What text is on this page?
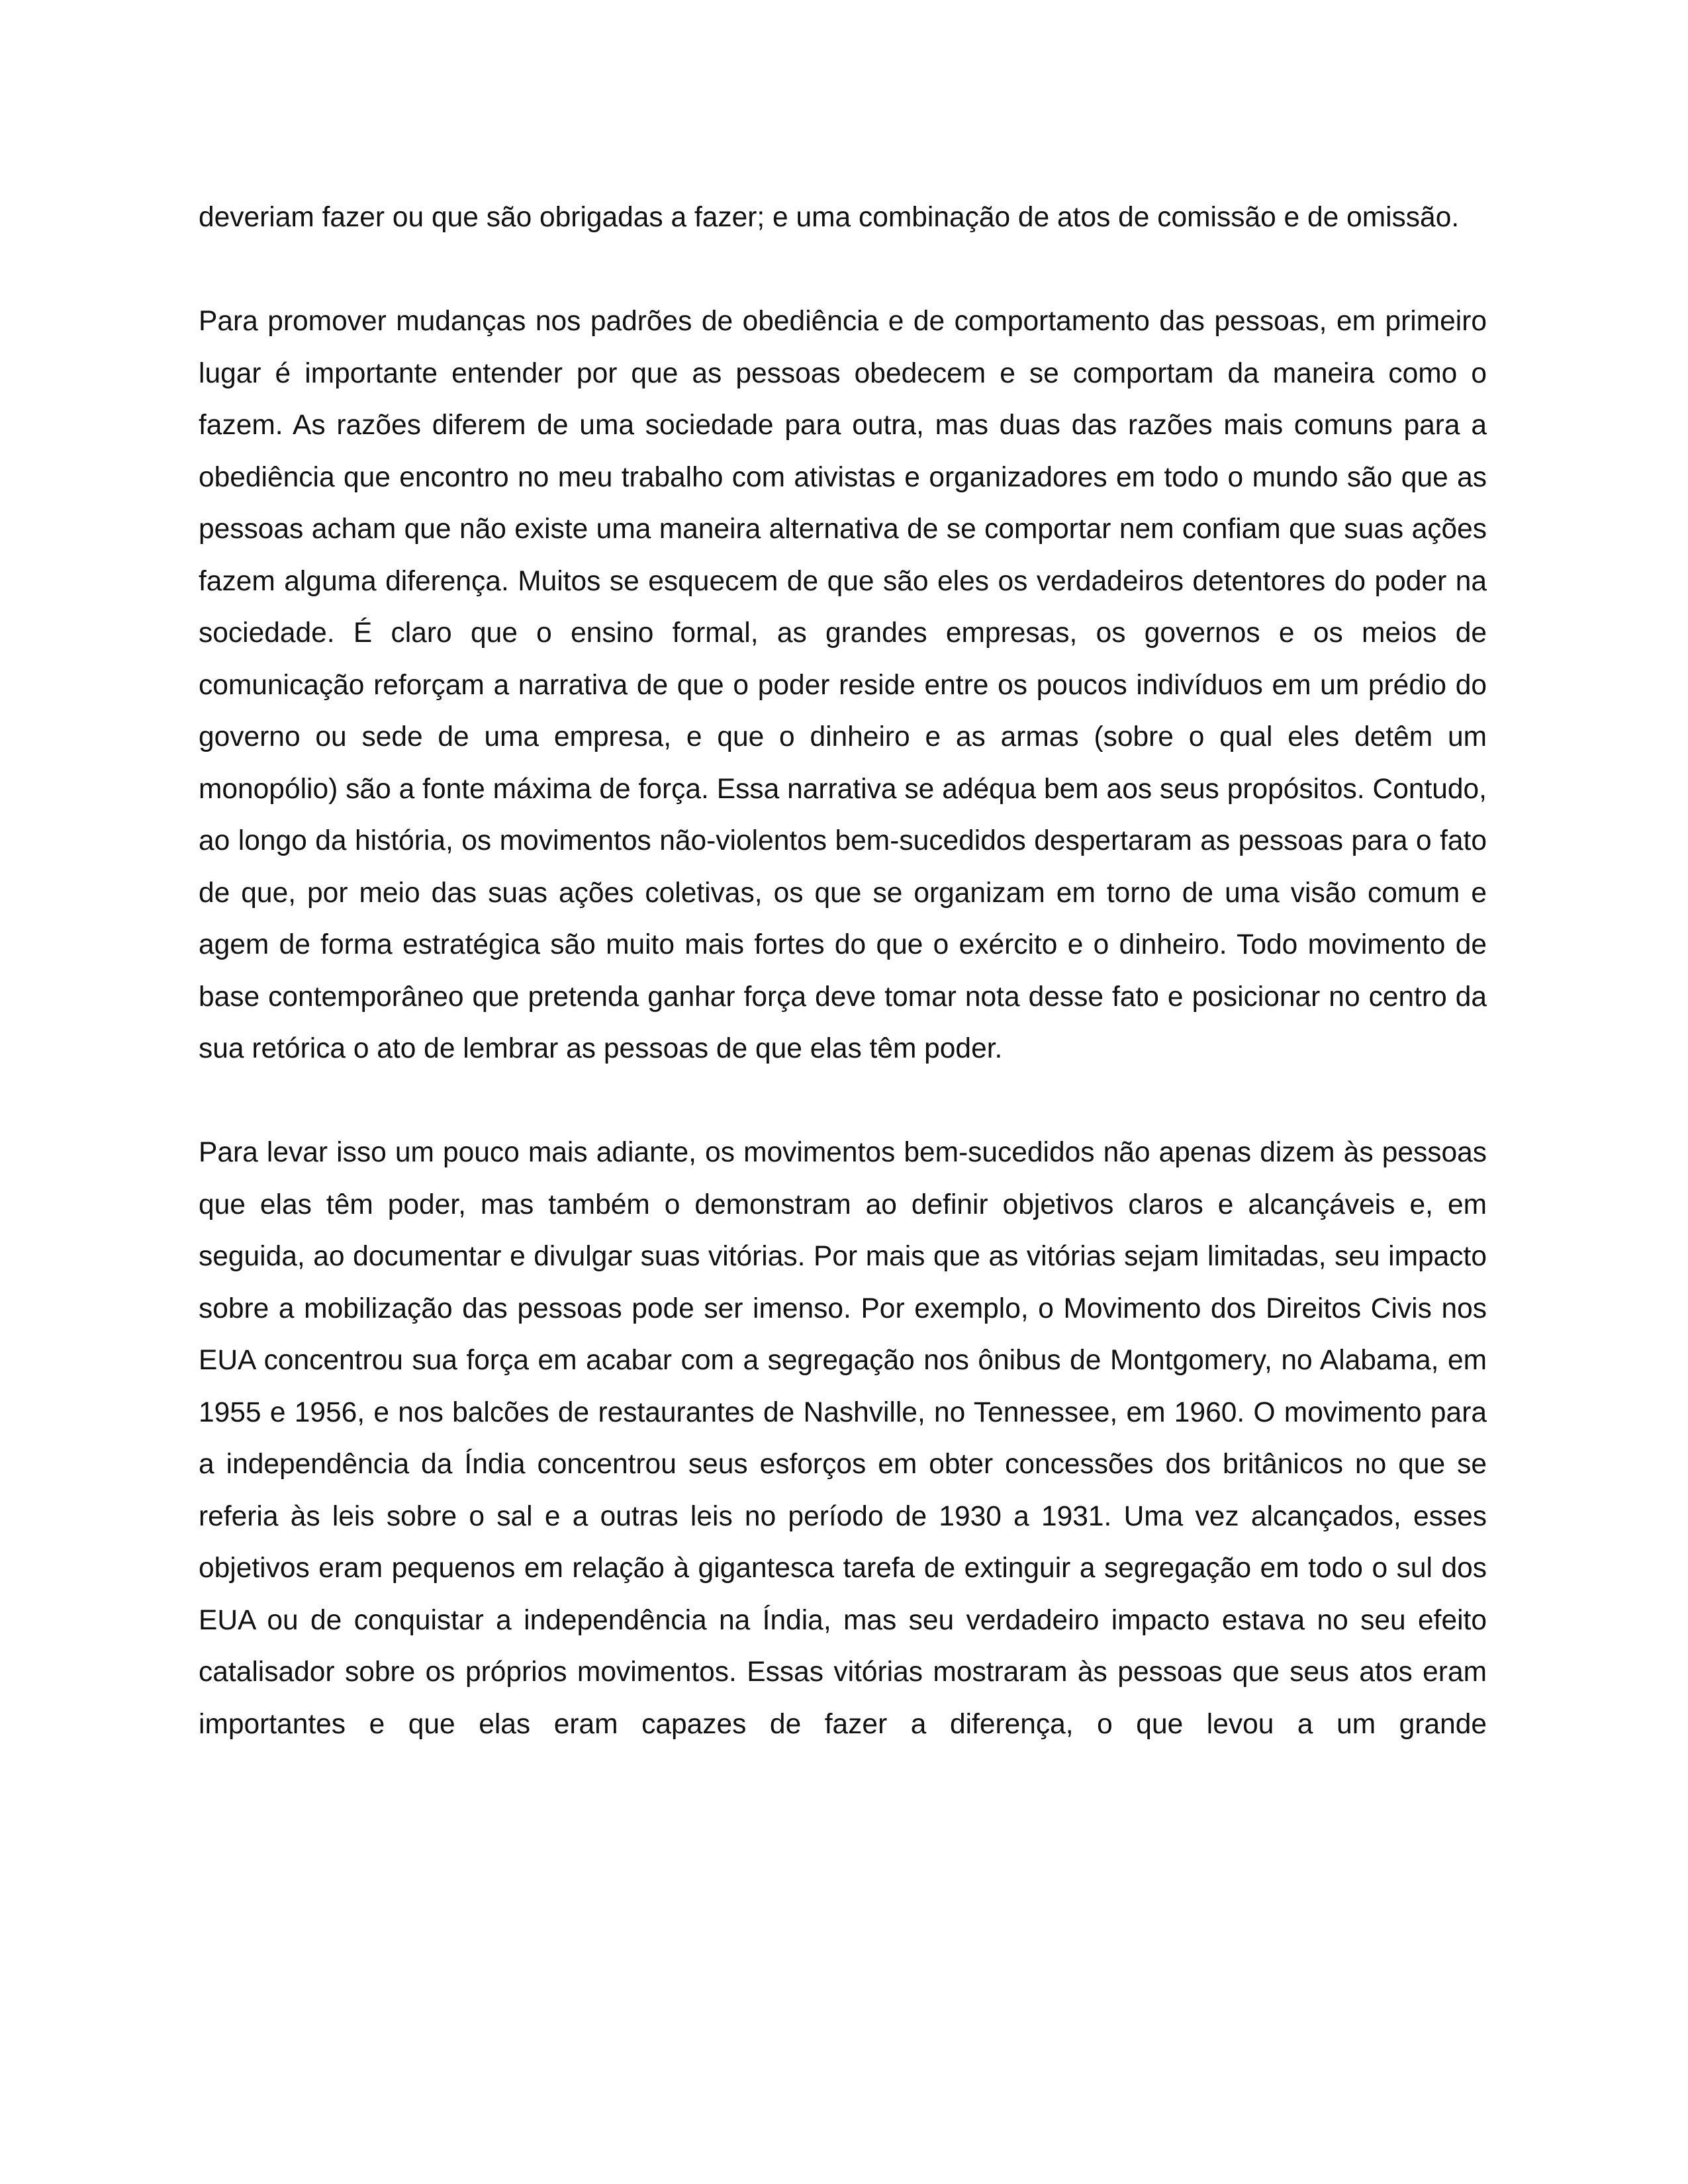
deveriam fazer ou que são obrigadas a fazer; e uma combinação de atos de comissão e de omissão.

Para promover mudanças nos padrões de obediência e de comportamento das pessoas, em primeiro lugar é importante entender por que as pessoas obedecem e se comportam da maneira como o fazem. As razões diferem de uma sociedade para outra, mas duas das razões mais comuns para a obediência que encontro no meu trabalho com ativistas e organizadores em todo o mundo são que as pessoas acham que não existe uma maneira alternativa de se comportar nem confiam que suas ações fazem alguma diferença. Muitos se esquecem de que são eles os verdadeiros detentores do poder na sociedade. É claro que o ensino formal, as grandes empresas, os governos e os meios de comunicação reforçam a narrativa de que o poder reside entre os poucos indivíduos em um prédio do governo ou sede de uma empresa, e que o dinheiro e as armas (sobre o qual eles detêm um monopólio) são a fonte máxima de força. Essa narrativa se adéqua bem aos seus propósitos. Contudo, ao longo da história, os movimentos não-violentos bem-sucedidos despertaram as pessoas para o fato de que, por meio das suas ações coletivas, os que se organizam em torno de uma visão comum e agem de forma estratégica são muito mais fortes do que o exército e o dinheiro. Todo movimento de base contemporâneo que pretenda ganhar força deve tomar nota desse fato e posicionar no centro da sua retórica o ato de lembrar as pessoas de que elas têm poder.

Para levar isso um pouco mais adiante, os movimentos bem-sucedidos não apenas dizem às pessoas que elas têm poder, mas também o demonstram ao definir objetivos claros e alcançáveis e, em seguida, ao documentar e divulgar suas vitórias. Por mais que as vitórias sejam limitadas, seu impacto sobre a mobilização das pessoas pode ser imenso. Por exemplo, o Movimento dos Direitos Civis nos EUA concentrou sua força em acabar com a segregação nos ônibus de Montgomery, no Alabama, em 1955 e 1956, e nos balcões de restaurantes de Nashville, no Tennessee, em 1960. O movimento para a independência da Índia concentrou seus esforços em obter concessões dos britânicos no que se referia às leis sobre o sal e a outras leis no período de 1930 a 1931. Uma vez alcançados, esses objetivos eram pequenos em relação à gigantesca tarefa de extinguir a segregação em todo o sul dos EUA ou de conquistar a independência na Índia, mas seu verdadeiro impacto estava no seu efeito catalisador sobre os próprios movimentos. Essas vitórias mostraram às pessoas que seus atos eram importantes e que elas eram capazes de fazer a diferença, o que levou a um grande
